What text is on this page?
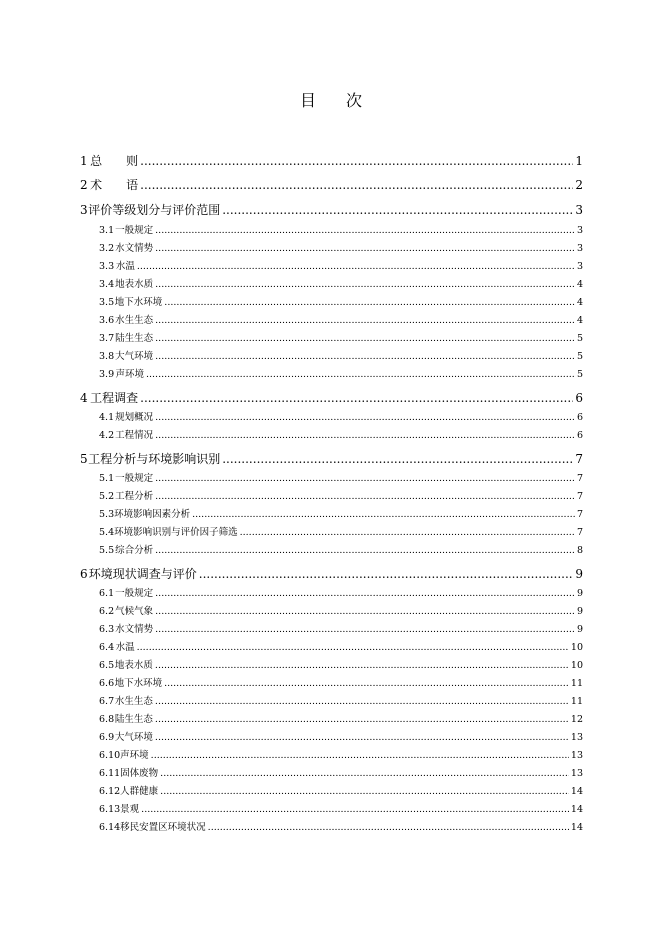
目 次
1 总　　则 .....	1
2 术　　语 .....	2
3 评价等级划分与评价范围 .....	3
3.1 一般规定 .....	3
3.2 水文情势 .....	3
3.3 水温 .....	3
3.4 地表水质 .....	4
3.5 地下水环境 .....	4
3.6 水生生态 .....	4
3.7 陆生生态 .....	5
3.8 大气环境 .....	5
3.9 声环境 .....	5
4 工程调查 .....	6
4.1 规划概况 .....	6
4.2 工程情况 .....	6
5 工程分析与环境影响识别 .....	7
5.1 一般规定 .....	7
5.2 工程分析 .....	7
5.3 环境影响因素分析 .....	7
5.4 环境影响识别与评价因子筛选 .....	7
5.5 综合分析 .....	8
6 环境现状调查与评价 .....	9
6.1 一般规定 .....	9
6.2 气候气象 .....	9
6.3 水文情势 .....	9
6.4 水温 .....	10
6.5 地表水质 .....	10
6.6 地下水环境 .....	11
6.7 水生生态 .....	11
6.8 陆生生态 .....	12
6.9 大气环境 .....	13
6.10 声环境 .....	13
6.11 固体废物 .....	13
6.12 人群健康 .....	14
6.13 景观 .....	14
6.14 移民安置区环境状况 .....	14
